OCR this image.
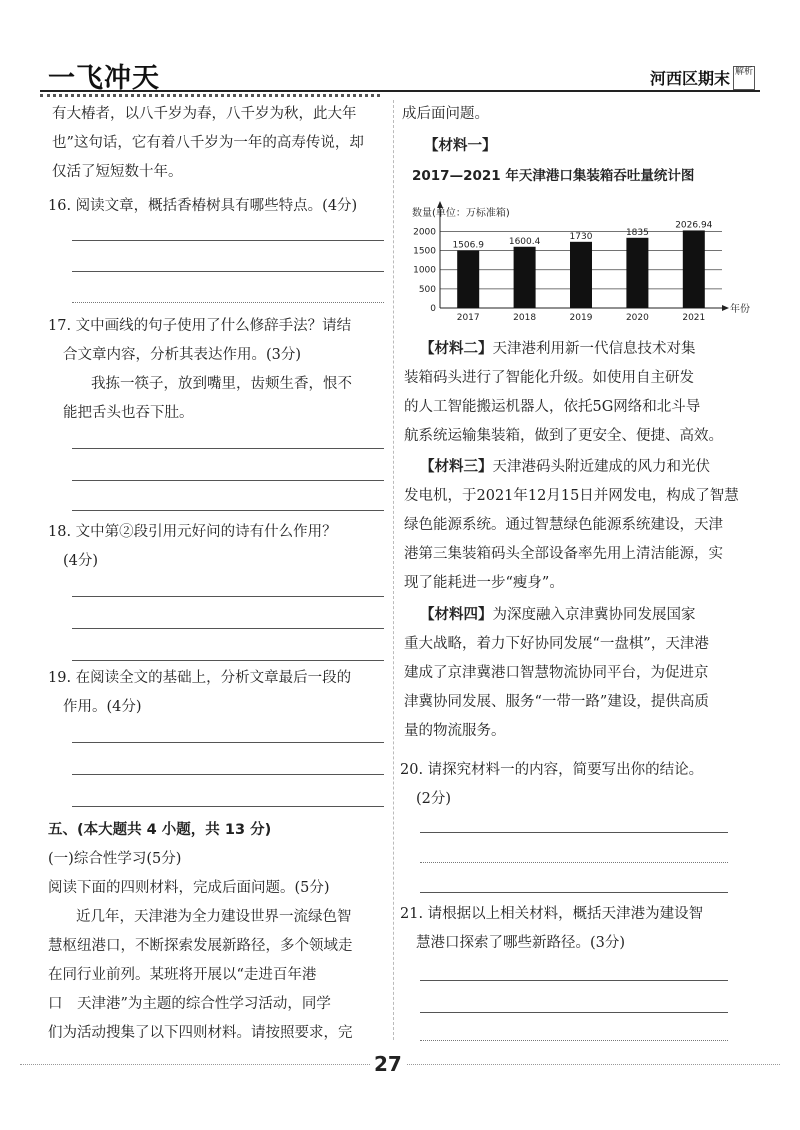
一飞冲天	河西区期末 解析
有大椿者，以八千岁为春，八千岁为秋，此大年
也”这句话，它有着八千岁为一年的高寿传说，却
仅活了短短数十年。
16. 阅读文章，概括香椿树具有哪些特点。(4分)
17. 文中画线的句子使用了什么修辞手法？请结
合文章内容，分析其表达作用。(3分)
我拣一筷子，放到嘴里，齿颊生香，恨不
能把舌头也吞下肚。
18. 文中第②段引用元好问的诗有什么作用？
(4分)
19. 在阅读全文的基础上，分析文章最后一段的
作用。(4分)
五、(本大题共 4 小题，共 13 分)
(一)综合性学习(5分)
阅读下面的四则材料，完成后面问题。(5分)
近几年，天津港为全力建设世界一流绿色智
慧枢纽港口，不断探索发展新路径，多个领域走
在同行业前列。某班将开展以“走进百年港
口　天津港”为主题的综合性学习活动，同学
们为活动搜集了以下四则材料。请按照要求，完
成后面问题。
【材料一】
2017—2021 年天津港口集装箱吞吐量统计图
数量(单位：万标准箱)
0
500
1000
1500
2000
年份
1506.9
2017
1600.4
2018
1730
2019
1835
2020
2026.94
2021
【材料二】天津港利用新一代信息技术对集
装箱码头进行了智能化升级。如使用自主研发
的人工智能搬运机器人，依托5G网络和北斗导
航系统运输集装箱，做到了更安全、便捷、高效。
【材料三】天津港码头附近建成的风力和光伏
发电机，于2021年12月15日并网发电，构成了智慧
绿色能源系统。通过智慧绿色能源系统建设，天津
港第三集装箱码头全部设备率先用上清洁能源，实
现了能耗进一步“瘦身”。
【材料四】为深度融入京津冀协同发展国家
重大战略，着力下好协同发展“一盘棋”，天津港
建成了京津冀港口智慧物流协同平台，为促进京
津冀协同发展、服务“一带一路”建设，提供高质
量的物流服务。
20. 请探究材料一的内容，简要写出你的结论。
(2分)
21. 请根据以上相关材料，概括天津港为建设智
慧港口探索了哪些新路径。(3分)
27
